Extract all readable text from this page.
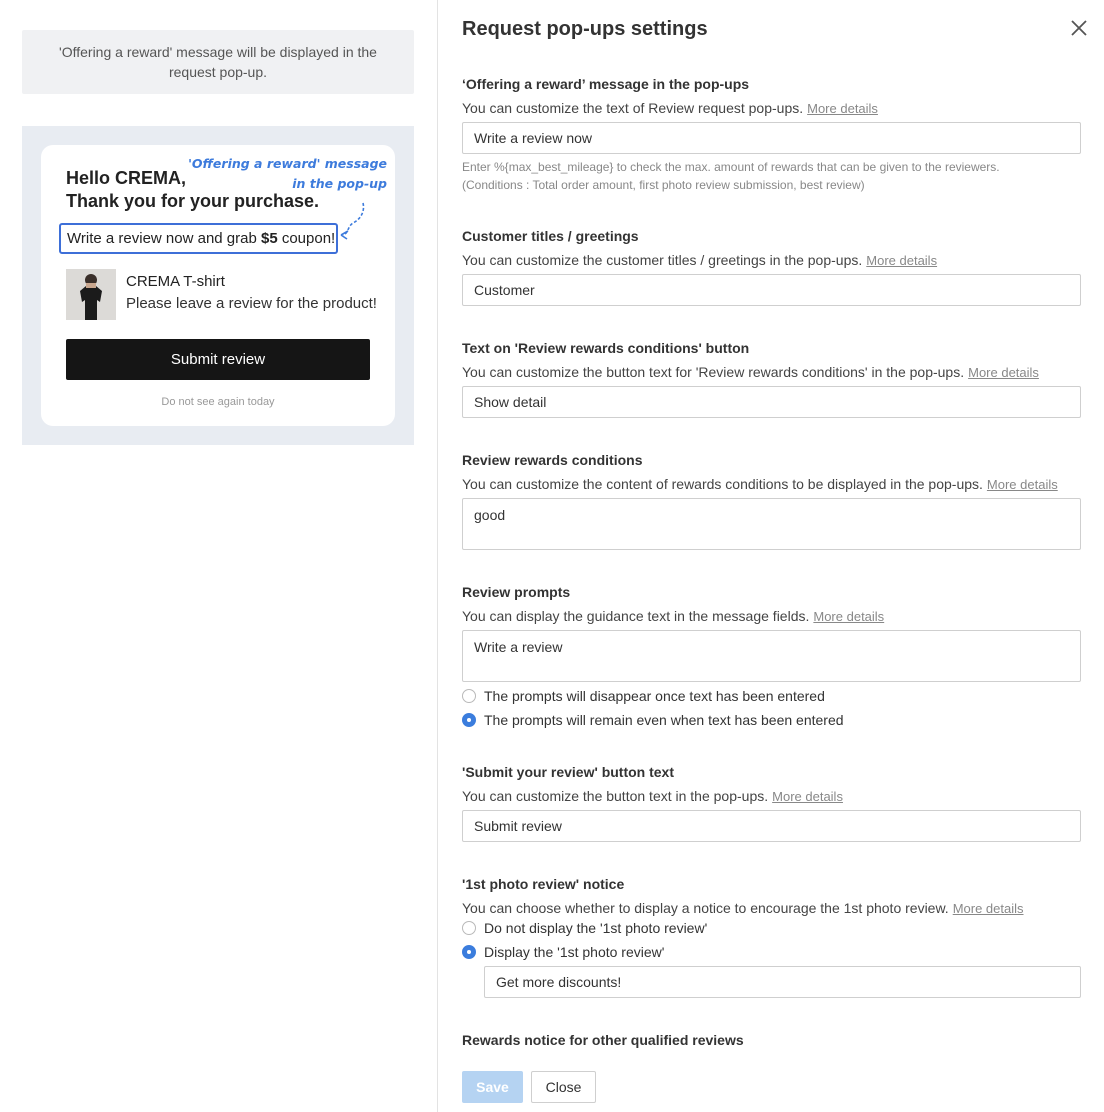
'Offering a reward' message will be displayed in the request pop-up.
Hello CREMA,
Thank you for your purchase.
'Offering a reward' message
in the pop-up
Write a review now and grab $5 coupon!
CREMA T-shirt
Please leave a review for the product!
Submit review
Do not see again today
Request pop-ups settings
‘Offering a reward’ message in the pop-ups
You can customize the text of Review request pop-ups. More details
Write a review now
Enter %{max_best_mileage} to check the max. amount of rewards that can be given to the reviewers.
(Conditions : Total order amount, first photo review submission, best review)
Customer titles / greetings
You can customize the customer titles / greetings in the pop-ups. More details
Customer
Text on 'Review rewards conditions' button
You can customize the button text for 'Review rewards conditions' in the pop-ups. More details
Show detail
Review rewards conditions
You can customize the content of rewards conditions to be displayed in the pop-ups. More details
good
Review prompts
You can display the guidance text in the message fields. More details
Write a review
The prompts will disappear once text has been entered
The prompts will remain even when text has been entered
'Submit your review' button text
You can customize the button text in the pop-ups. More details
Submit review
'1st photo review' notice
You can choose whether to display a notice to encourage the 1st photo review. More details
Do not display the '1st photo review'
Display the '1st photo review'
Get more discounts!
Rewards notice for other qualified reviews
Save	Close
